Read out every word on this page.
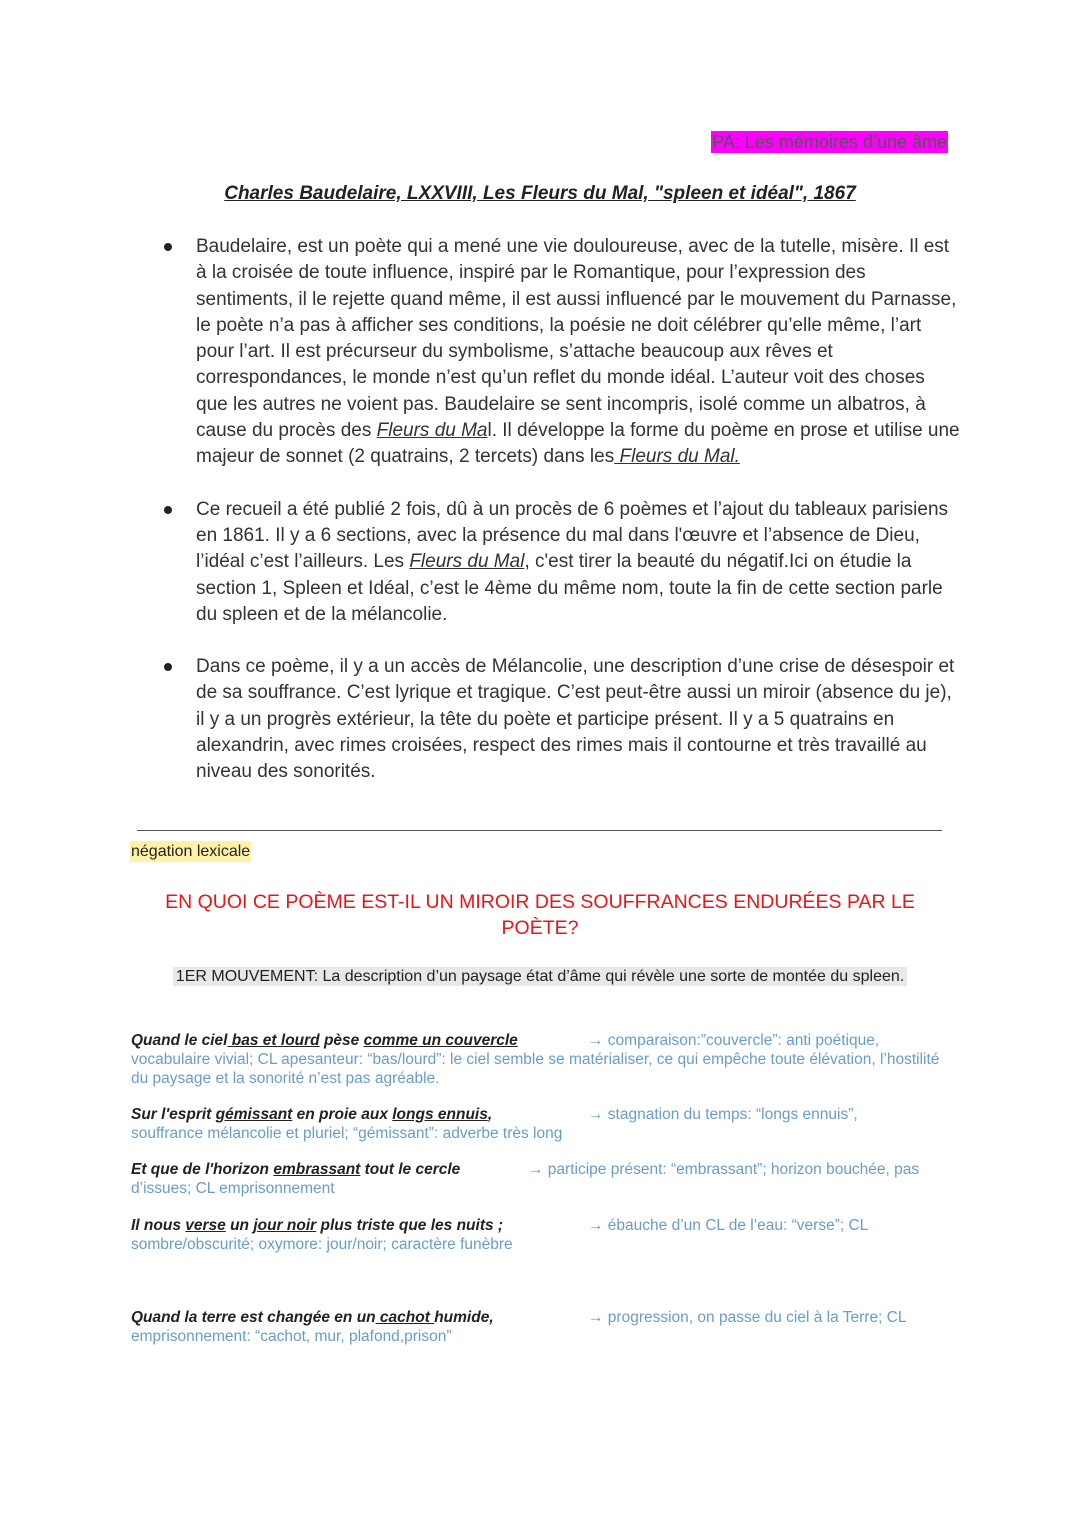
PA: Les mémoires d’une âme
Charles Baudelaire, LXXVIII, Les Fleurs du Mal, "spleen et idéal", 1867
Baudelaire, est un poète qui a mené une vie douloureuse, avec de la tutelle, misère. Il est à la croisée de toute influence, inspiré par le Romantique, pour l’expression des sentiments, il le rejette quand même, il est aussi influencé par le mouvement du Parnasse, le poète n’a pas à afficher ses conditions, la poésie ne doit célébrer qu’elle même, l’art pour l’art. Il est précurseur du symbolisme, s’attache beaucoup aux rêves et correspondances, le monde n’est qu’un reflet du monde idéal. L’auteur voit des choses que les autres ne voient pas. Baudelaire se sent incompris, isolé comme un albatros, à cause du procès des Fleurs du Mal. Il développe la forme du poème en prose et utilise une majeur de sonnet (2 quatrains, 2 tercets) dans les Fleurs du Mal.
Ce recueil a été publié 2 fois, dû à un procès de 6 poèmes et l’ajout du tableaux parisiens en 1861. Il y a 6 sections, avec la présence du mal dans l'œuvre et l’absence de Dieu, l’idéal c’est l’ailleurs. Les Fleurs du Mal, c'est tirer la beauté du négatif.Ici on étudie la section 1, Spleen et Idéal, c’est le 4ème du même nom, toute la fin de cette section parle du spleen et de la mélancolie.
Dans ce poème, il y a un accès de Mélancolie, une description d’une crise de désespoir et de sa souffrance. C’est lyrique et tragique. C’est peut-être aussi un miroir (absence du je), il y a un progrès extérieur, la tête du poète et participe présent. Il y a 5 quatrains en alexandrin, avec rimes croisées, respect des rimes mais il contourne et très travaillé au niveau des sonorités.
négation lexicale
EN QUOI CE POÈME EST-IL UN MIROIR DES SOUFFRANCES ENDURÉES PAR LE POÈTE?
1ER MOUVEMENT: La description d’un paysage état d’âme qui révèle une sorte de montée du spleen.
Quand le ciel bas et lourd pèse comme un couvercle
vocabulaire vivial; CL apesanteur: “bas/lourd”: le ciel semble se matérialiser, ce qui empêche toute élévation, l’hostilité du paysage et la sonorité n’est pas agréable.
→ comparaison:”couvercle”: anti poétique,
Sur l'esprit gémissant en proie aux longs ennuis,
souffrance mélancolie et pluriel; “gémissant”: adverbe très long
→ stagnation du temps: “longs ennuis”,
Et que de l'horizon embrassant tout le cercle
d’issues; CL emprisonnement
→ participe présent: “embrassant”; horizon bouchée, pas
Il nous verse un jour noir plus triste que les nuits ;
sombre/obscurité; oxymore: jour/noir; caractère funèbre
→ ébauche d’un CL de l’eau: “verse”; CL
Quand la terre est changée en un cachot humide,
emprisonnement: “cachot, mur, plafond,prison”
→ progression, on passe du ciel à la Terre; CL
